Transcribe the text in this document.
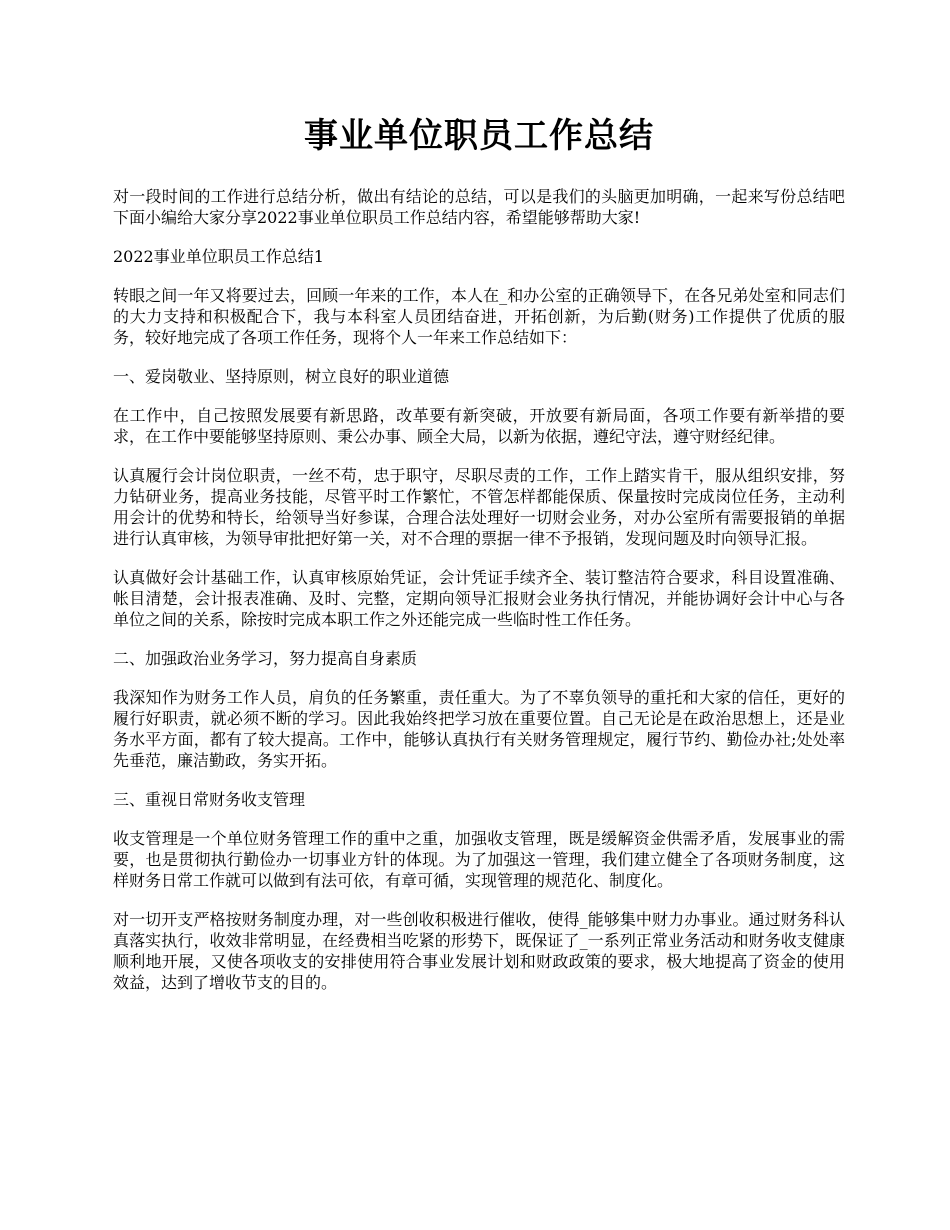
事业单位职员工作总结

对一段时间的工作进行总结分析，做出有结论的总结，可以是我们的头脑更加明确，一起来写份总结吧下面小编给大家分享2022事业单位职员工作总结内容，希望能够帮助大家!

2022事业单位职员工作总结1

转眼之间一年又将要过去，回顾一年来的工作，本人在_和办公室的正确领导下，在各兄弟处室和同志们的大力支持和积极配合下，我与本科室人员团结奋进，开拓创新，为后勤(财务)工作提供了优质的服务，较好地完成了各项工作任务，现将个人一年来工作总结如下：

一、爱岗敬业、坚持原则，树立良好的职业道德

在工作中，自己按照发展要有新思路，改革要有新突破，开放要有新局面，各项工作要有新举措的要求，在工作中要能够坚持原则、秉公办事、顾全大局，以新为依据，遵纪守法，遵守财经纪律。

认真履行会计岗位职责，一丝不苟，忠于职守，尽职尽责的工作，工作上踏实肯干，服从组织安排，努力钻研业务，提高业务技能，尽管平时工作繁忙，不管怎样都能保质、保量按时完成岗位任务，主动利用会计的优势和特长，给领导当好参谋，合理合法处理好一切财会业务，对办公室所有需要报销的单据进行认真审核，为领导审批把好第一关，对不合理的票据一律不予报销，发现问题及时向领导汇报。

认真做好会计基础工作，认真审核原始凭证，会计凭证手续齐全、装订整洁符合要求，科目设置准确、帐目清楚，会计报表准确、及时、完整，定期向领导汇报财会业务执行情况，并能协调好会计中心与各单位之间的关系，除按时完成本职工作之外还能完成一些临时性工作任务。

二、加强政治业务学习，努力提高自身素质

我深知作为财务工作人员，肩负的任务繁重，责任重大。为了不辜负领导的重托和大家的信任，更好的履行好职责，就必须不断的学习。因此我始终把学习放在重要位置。自己无论是在政治思想上，还是业务水平方面，都有了较大提高。工作中，能够认真执行有关财务管理规定，履行节约、勤俭办社;处处率先垂范，廉洁勤政，务实开拓。

三、重视日常财务收支管理

收支管理是一个单位财务管理工作的重中之重，加强收支管理，既是缓解资金供需矛盾，发展事业的需要，也是贯彻执行勤俭办一切事业方针的体现。为了加强这一管理，我们建立健全了各项财务制度，这样财务日常工作就可以做到有法可依，有章可循，实现管理的规范化、制度化。

对一切开支严格按财务制度办理，对一些创收积极进行催收，使得_能够集中财力办事业。通过财务科认真落实执行，收效非常明显，在经费相当吃紧的形势下，既保证了_一系列正常业务活动和财务收支健康顺利地开展，又使各项收支的安排使用符合事业发展计划和财政政策的要求，极大地提高了资金的使用效益，达到了增收节支的目的。
